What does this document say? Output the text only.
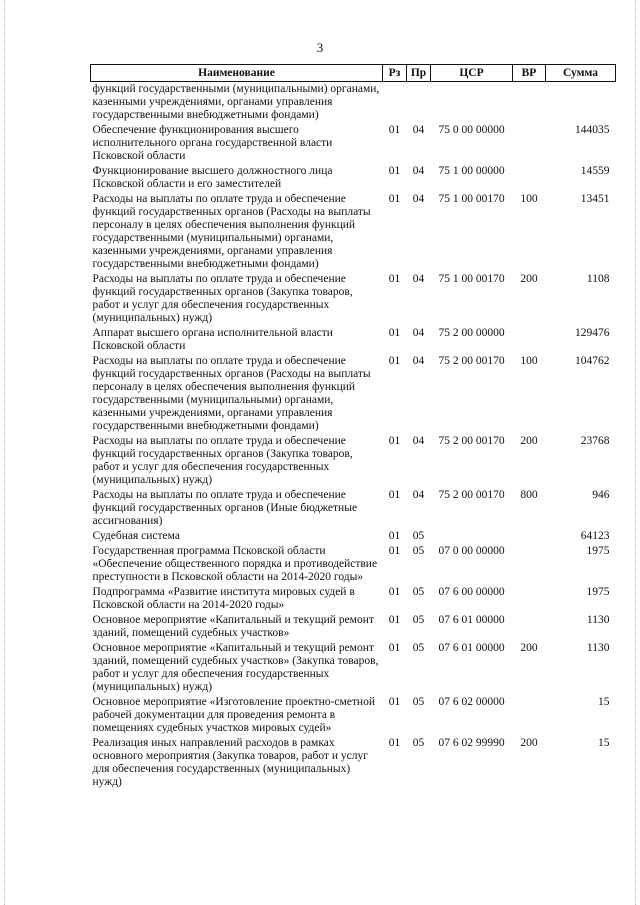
3
Наименование	Рз	Пр	ЦСР	ВР	Сумма
функций государственными (муниципальными) органами, казенными учреждениями, органами управления государственными внебюджетными фондами)					
Обеспечение функционирования высшего исполнительного органа государственной власти Псковской области	01	04	75 0 00 00000		144035
Функционирование высшего должностного лица Псковской области и его заместителей	01	04	75 1 00 00000		14559
Расходы на выплаты по оплате труда и обеспечение функций государственных органов (Расходы на выплаты персоналу в целях обеспечения выполнения функций государственными (муниципальными) органами, казенными учреждениями, органами управления государственными внебюджетными фондами)	01	04	75 1 00 00170	100	13451
Расходы на выплаты по оплате труда и обеспечение функций государственных органов (Закупка товаров, работ и услуг для обеспечения государственных (муниципальных) нужд)	01	04	75 1 00 00170	200	1108
Аппарат высшего органа исполнительной власти Псковской области	01	04	75 2 00 00000		129476
Расходы на выплаты по оплате труда и обеспечение функций государственных органов (Расходы на выплаты персоналу в целях обеспечения выполнения функций государственными (муниципальными) органами, казенными учреждениями, органами управления государственными внебюджетными фондами)	01	04	75 2 00 00170	100	104762
Расходы на выплаты по оплате труда и обеспечение функций государственных органов (Закупка товаров, работ и услуг для обеспечения государственных (муниципальных) нужд)	01	04	75 2 00 00170	200	23768
Расходы на выплаты по оплате труда и обеспечение функций государственных органов (Иные бюджетные ассигнования)	01	04	75 2 00 00170	800	946
Судебная система	01	05			64123
Государственная программа Псковской области «Обеспечение общественного порядка и противодействие преступности в Псковской области на 2014-2020 годы»	01	05	07 0 00 00000		1975
Подпрограмма «Развитие института мировых судей в Псковской области на 2014-2020 годы»	01	05	07 6 00 00000		1975
Основное мероприятие «Капитальный и текущий ремонт зданий, помещений судебных участков»	01	05	07 6 01 00000		1130
Основное мероприятие «Капитальный и текущий ремонт зданий, помещений судебных участков» (Закупка товаров, работ и услуг для обеспечения государственных (муниципальных) нужд)	01	05	07 6 01 00000	200	1130
Основное мероприятие «Изготовление проектно-сметной рабочей документации для проведения ремонта в помещениях судебных участков мировых судей»	01	05	07 6 02 00000		15
Реализация иных направлений расходов в рамках основного мероприятия (Закупка товаров, работ и услуг для обеспечения государственных (муниципальных) нужд)	01	05	07 6 02 99990	200	15
